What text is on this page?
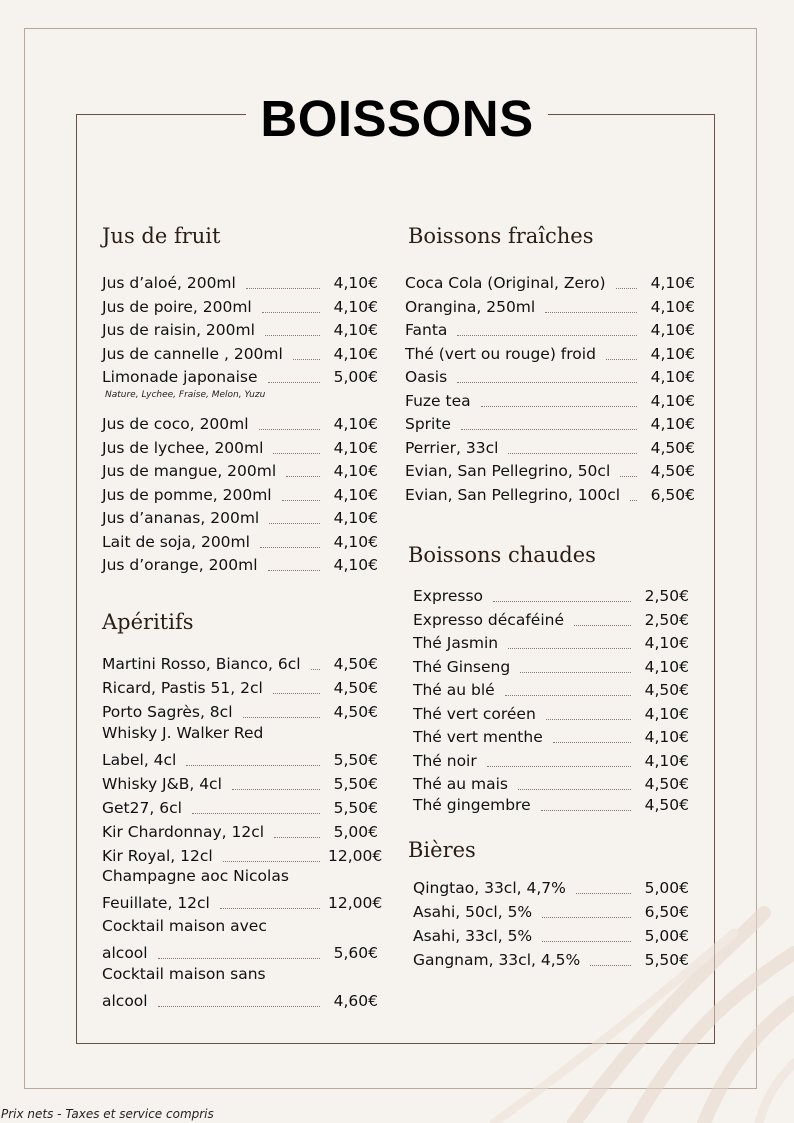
BOISSONS
Jus de fruit
Jus d’aloé, 200ml	4,10€
Jus de poire, 200ml	4,10€
Jus de raisin, 200ml	4,10€
Jus de cannelle , 200ml	4,10€
Limonade japonaise	5,00€
Jus de coco, 200ml	4,10€
Jus de lychee, 200ml	4,10€
Jus de mangue, 200ml	4,10€
Jus de pomme, 200ml	4,10€
Jus d’ananas, 200ml	4,10€
Lait de soja, 200ml	4,10€
Jus d’orange, 200ml	4,10€
Nature, Lychee, Fraise, Melon, Yuzu
Apéritifs
Martini Rosso, Bianco, 6cl	4,50€
Ricard, Pastis 51, 2cl	4,50€
Porto Sagrès, 8cl	4,50€
Whisky J. Walker Red
Label, 4cl	5,50€
Whisky J&B, 4cl	5,50€
Get27, 6cl	5,50€
Kir Chardonnay, 12cl	5,00€
Kir Royal, 12cl	12,00€
Champagne aoc Nicolas
Feuillate, 12cl	12,00€
Cocktail maison avec
alcool	5,60€
Cocktail maison sans
alcool	4,60€
Boissons fraîches
Coca Cola (Original, Zero)	4,10€
Orangina, 250ml	4,10€
Fanta	4,10€
Thé (vert ou rouge) froid	4,10€
Oasis	4,10€
Fuze tea	4,10€
Sprite	4,10€
Perrier, 33cl	4,50€
Evian, San Pellegrino, 50cl	4,50€
Evian, San Pellegrino, 100cl	6,50€
Boissons chaudes
Expresso	2,50€
Expresso décaféiné	2,50€
Thé Jasmin	4,10€
Thé Ginseng	4,10€
Thé au blé	4,50€
Thé vert coréen	4,10€
Thé vert menthe	4,10€
Thé noir	4,10€
Thé au mais	4,50€
Thé gingembre	4,50€
Bières
Qingtao, 33cl, 4,7%	5,00€
Asahi, 50cl, 5%	6,50€
Asahi, 33cl, 5%	5,00€
Gangnam, 33cl, 4,5%	5,50€
Prix nets - Taxes et service compris
